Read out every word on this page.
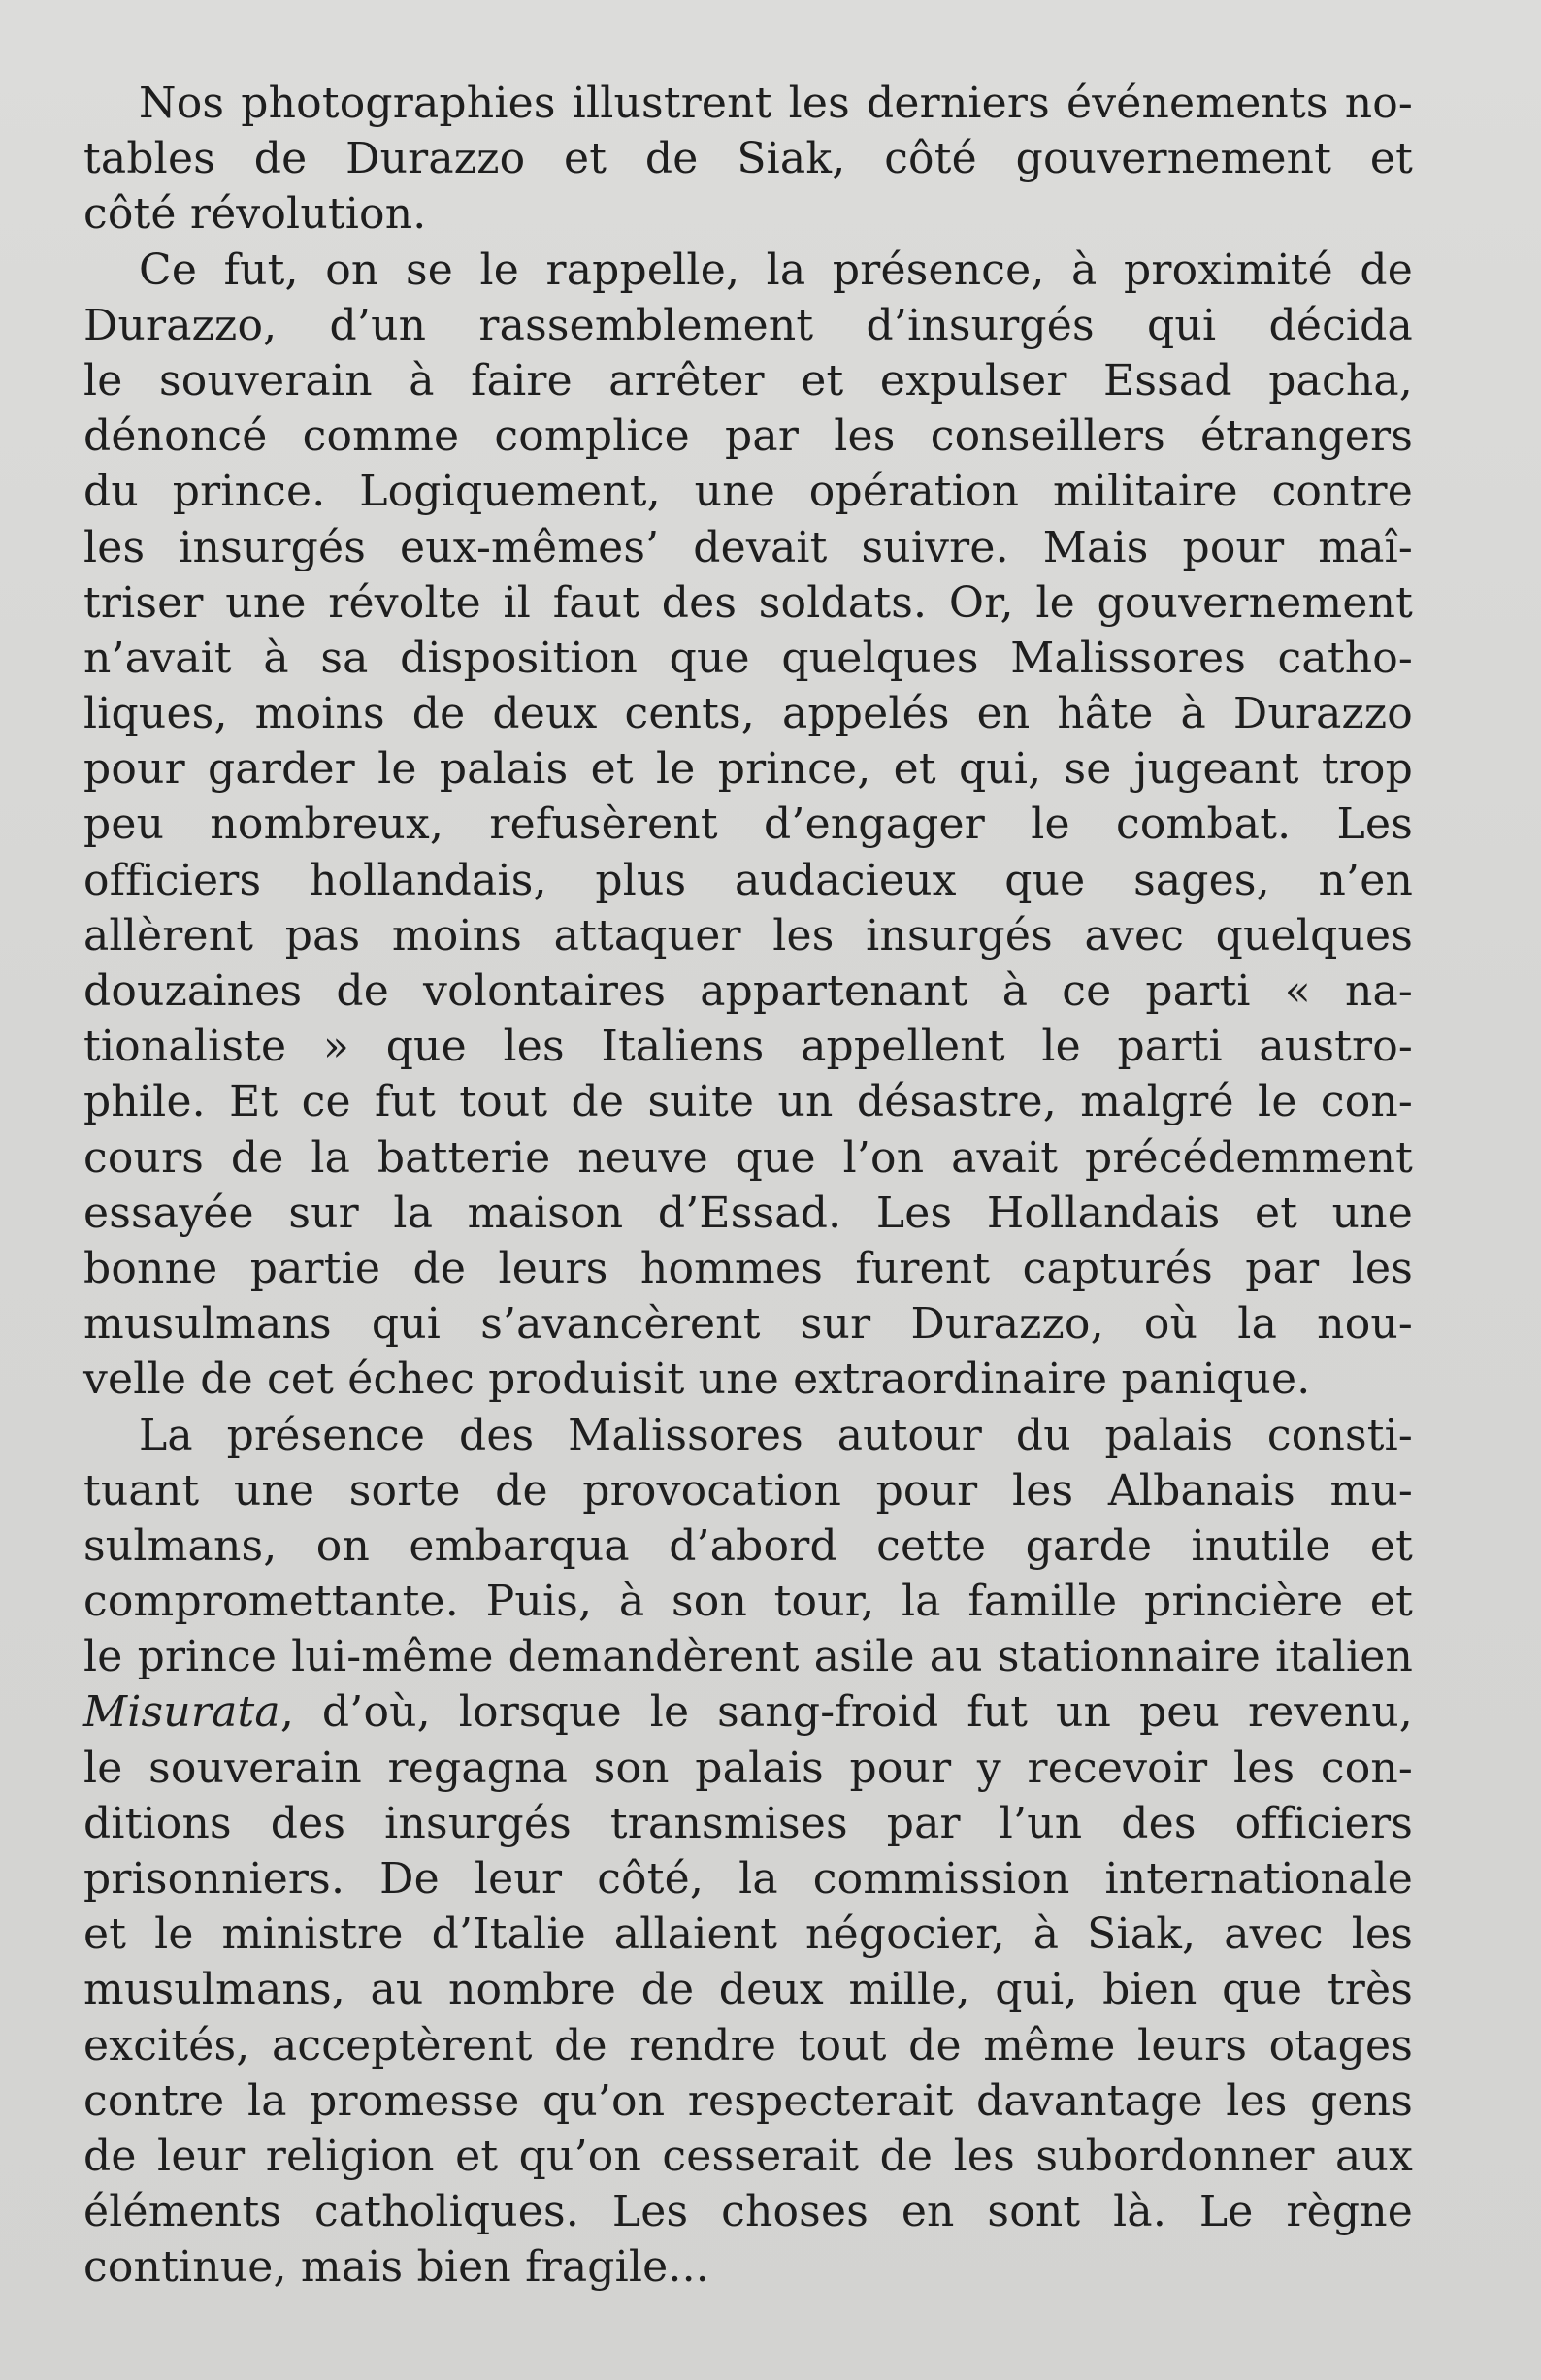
Nos photographies illustrent les derniers événements no-
tables de Durazzo et de Siak, côté gouvernement et
côté révolution.

Ce fut, on se le rappelle, la présence, à proximité de
Durazzo, d’un rassemblement d’insurgés qui décida
le souverain à faire arrêter et expulser Essad pacha,
dénoncé comme complice par les conseillers étrangers
du prince. Logiquement, une opération militaire contre
les insurgés eux-mêmes’ devait suivre. Mais pour maî-
triser une révolte il faut des soldats. Or, le gouvernement
n’avait à sa disposition que quelques Malissores catho-
liques, moins de deux cents, appelés en hâte à Durazzo
pour garder le palais et le prince, et qui, se jugeant trop
peu nombreux, refusèrent d’engager le combat. Les
officiers hollandais, plus audacieux que sages, n’en
allèrent pas moins attaquer les insurgés avec quelques
douzaines de volontaires appartenant à ce parti « na-
tionaliste » que les Italiens appellent le parti austro-
phile. Et ce fut tout de suite un désastre, malgré le con-
cours de la batterie neuve que l’on avait précédemment
essayée sur la maison d’Essad. Les Hollandais et une
bonne partie de leurs hommes furent capturés par les
musulmans qui s’avancèrent sur Durazzo, où la nou-
velle de cet échec produisit une extraordinaire panique.

La présence des Malissores autour du palais consti-
tuant une sorte de provocation pour les Albanais mu-
sulmans, on embarqua d’abord cette garde inutile et
compromettante. Puis, à son tour, la famille princière et
le prince lui-même demandèrent asile au stationnaire italien
Misurata, d’où, lorsque le sang-froid fut un peu revenu,
le souverain regagna son palais pour y recevoir les con-
ditions des insurgés transmises par l’un des officiers
prisonniers. De leur côté, la commission internationale
et le ministre d’Italie allaient négocier, à Siak, avec les
musulmans, au nombre de deux mille, qui, bien que très
excités, acceptèrent de rendre tout de même leurs otages
contre la promesse qu’on respecterait davantage les gens
de leur religion et qu’on cesserait de les subordonner aux
éléments catholiques. Les choses en sont là. Le règne
continue, mais bien fragile...
